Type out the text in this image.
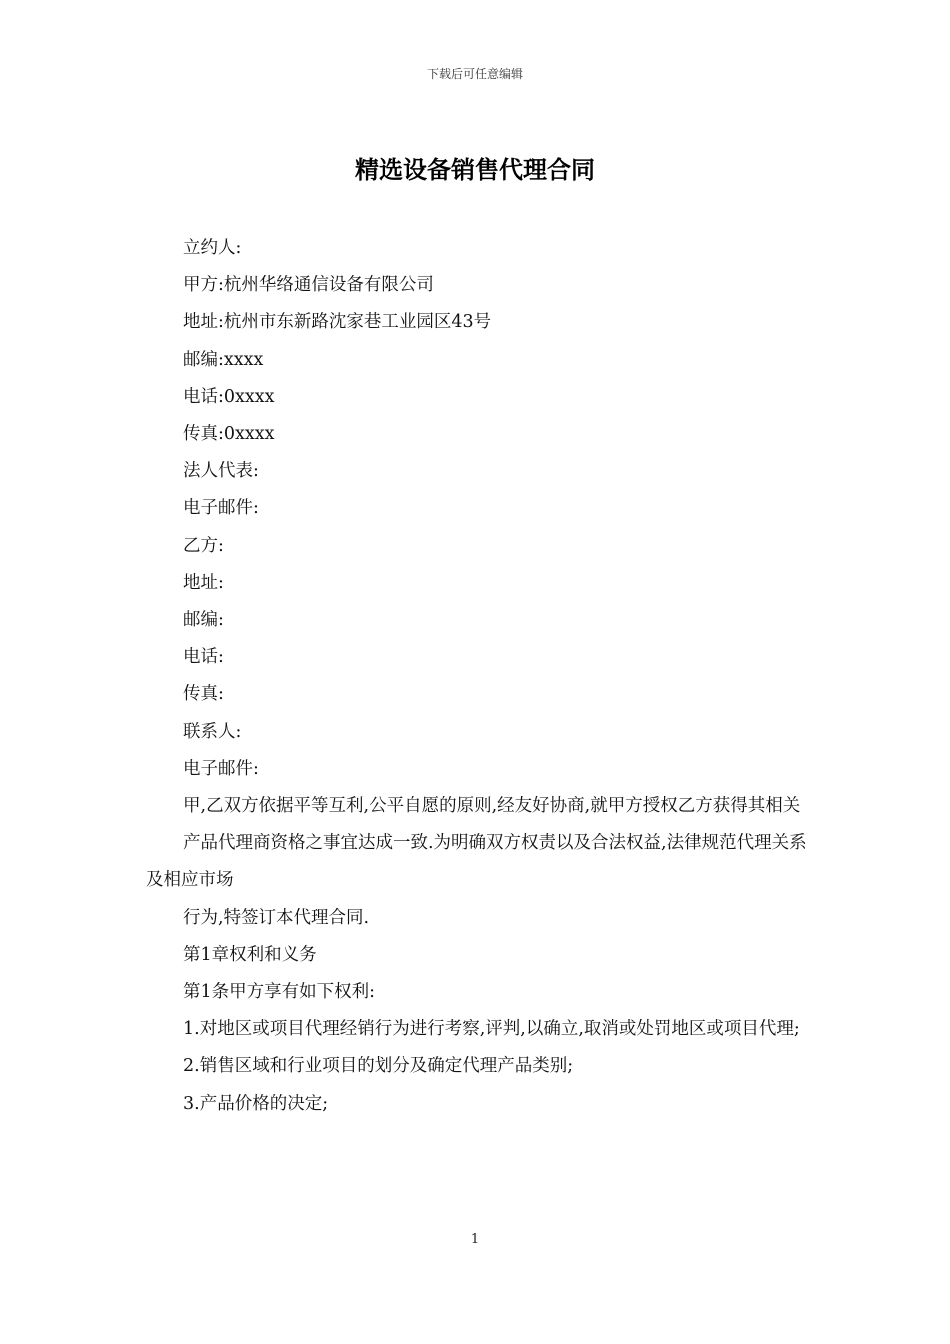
下载后可任意编辑
精选设备销售代理合同

立约人:

甲方:杭州华络通信设备有限公司

地址:杭州市东新路沈家巷工业园区43号

邮编:xxxx

电话:0xxxx

传真:0xxxx

法人代表:

电子邮件:

乙方:

地址:

邮编:

电话:

传真:

联系人:

电子邮件:

甲,乙双方依据平等互利,公平自愿的原则,经友好协商,就甲方授权乙方获得其相关

产品代理商资格之事宜达成一致.为明确双方权责以及合法权益,法律规范代理关系及相应市场

行为,特签订本代理合同.

第1章权利和义务

第1条甲方享有如下权利:

1.对地区或项目代理经销行为进行考察,评判,以确立,取消或处罚地区或项目代理;

2.销售区域和行业项目的划分及确定代理产品类别;

3.产品价格的决定;

1
